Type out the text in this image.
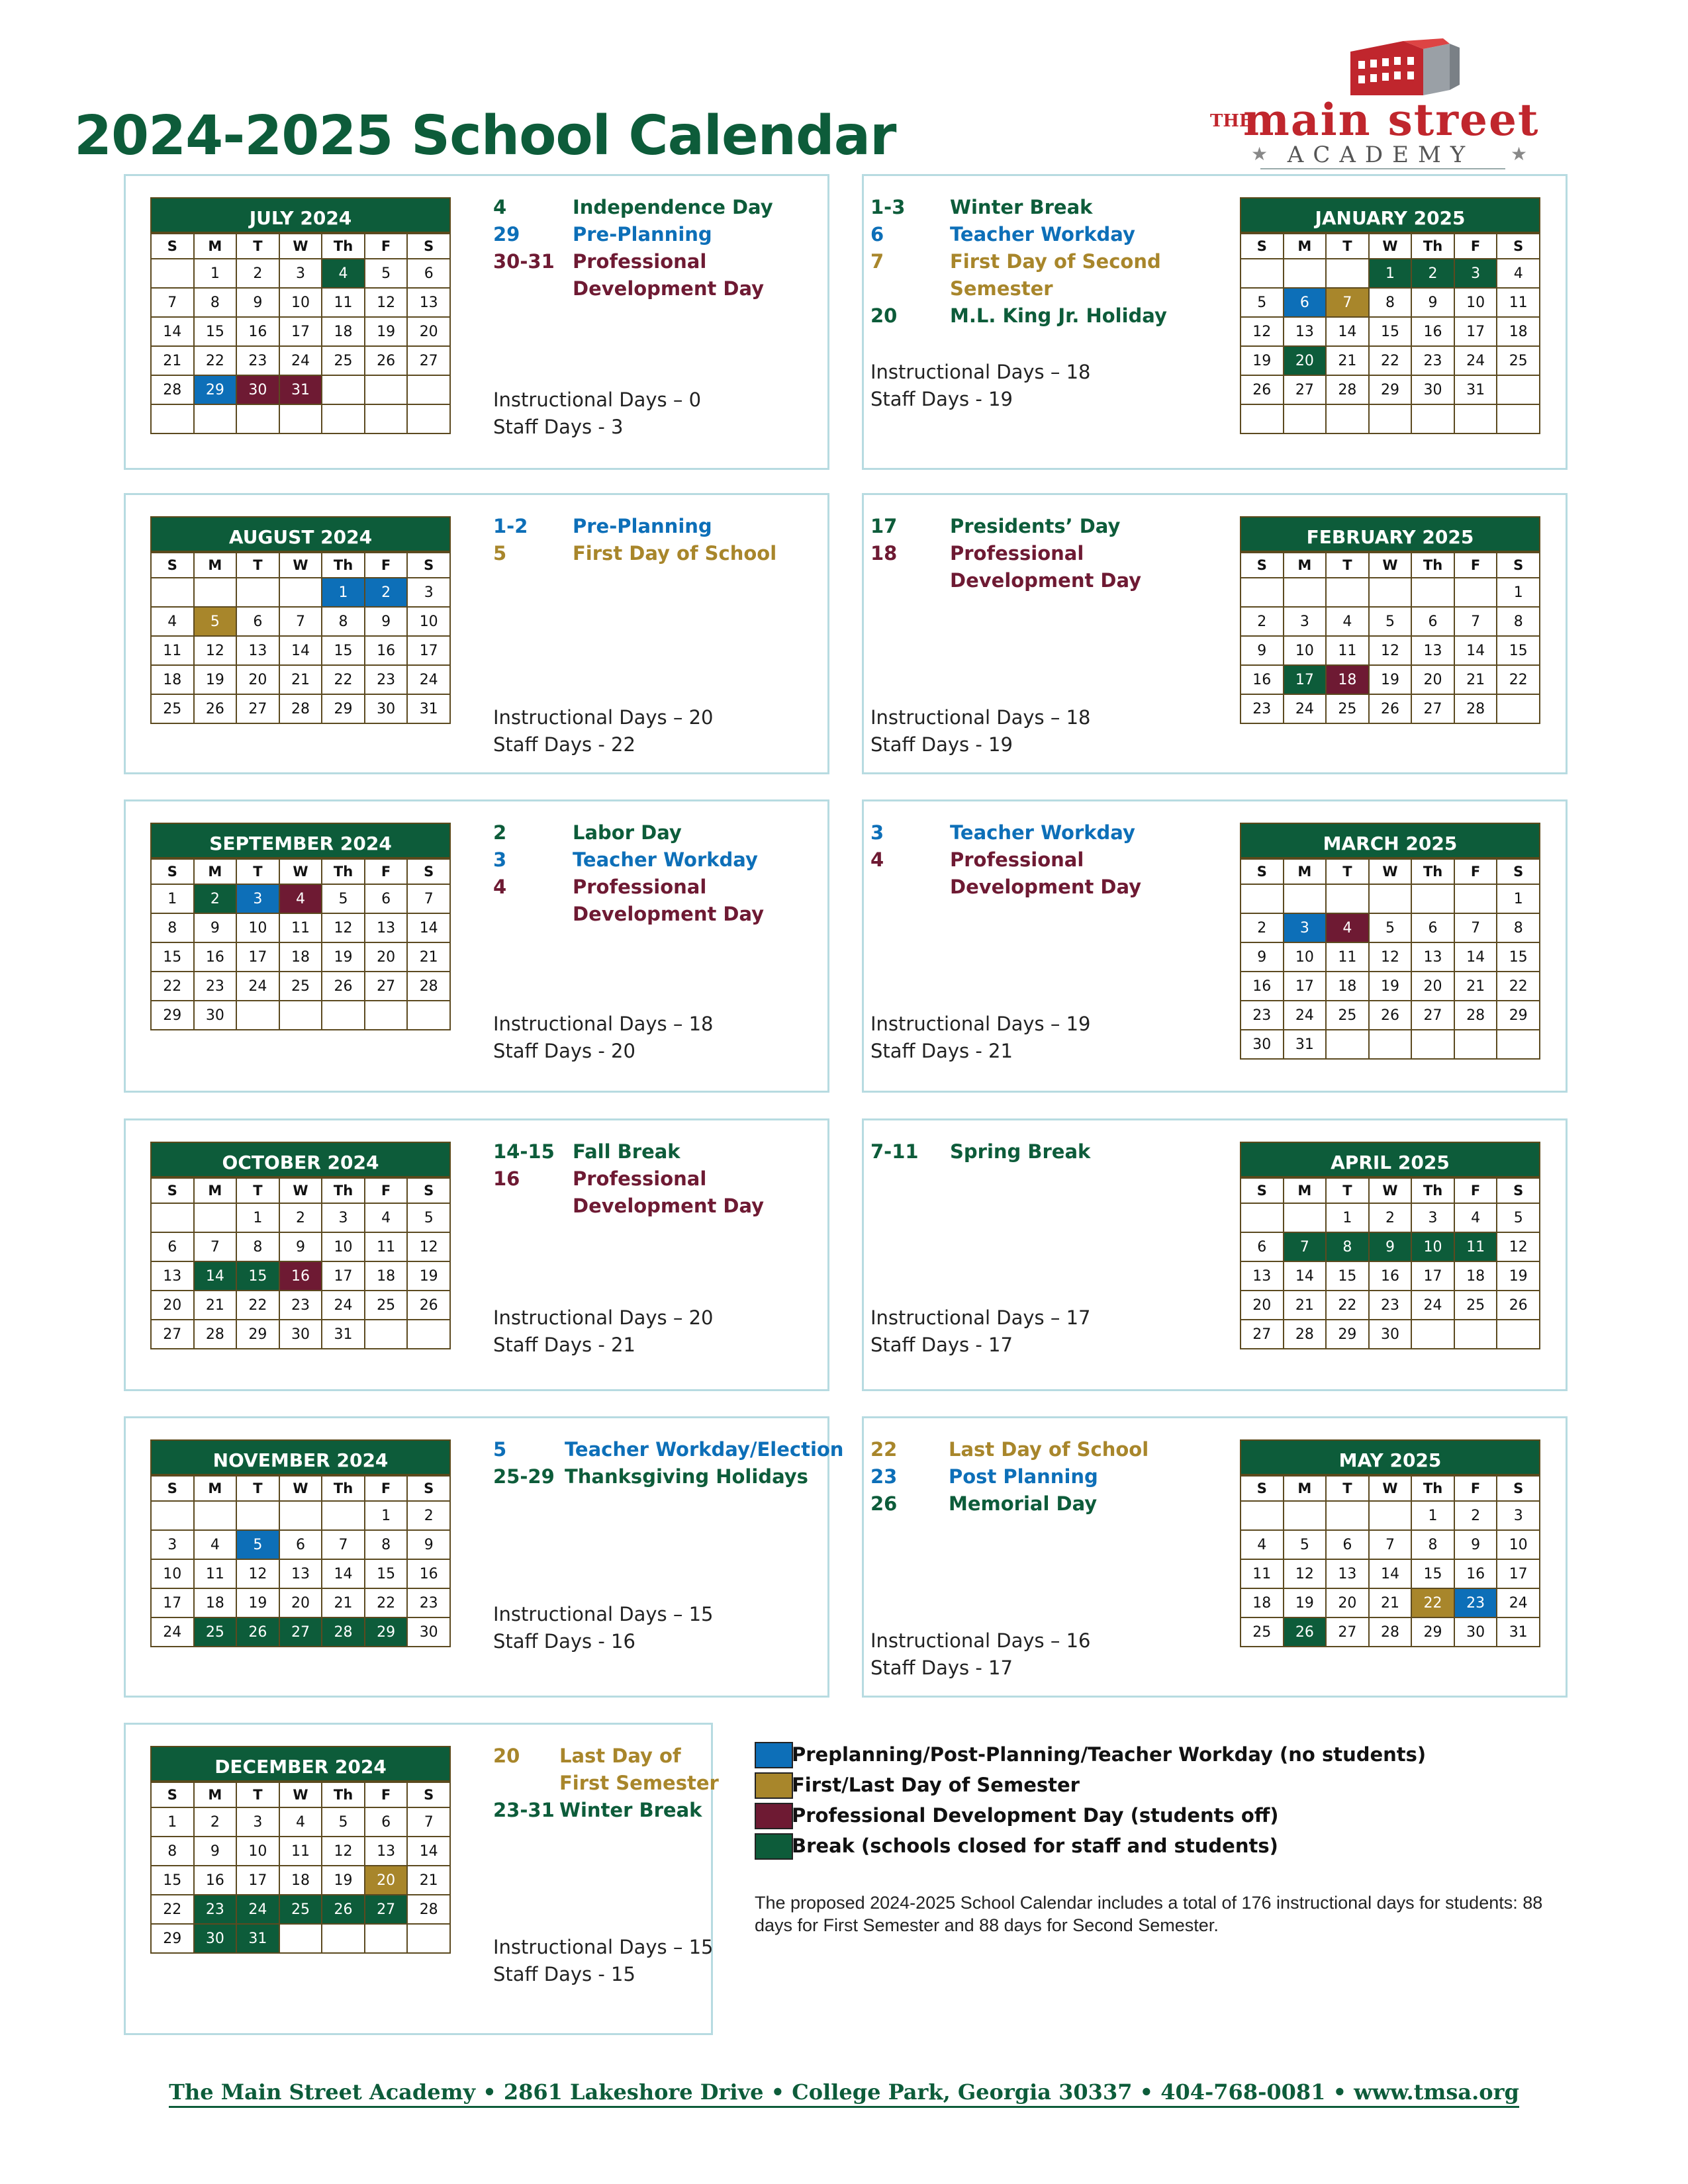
2024-2025 School Calendar	THE
main street
★ ACADEMY	★
JULY 2024
S	M	T	W	Th	F	S
	1	2	3	4	5	6
7	8	9	10	11	12	13
14	15	16	17	18	19	20
21	22	23	24	25	26	27
28	29	30	31			

4	Independence Day
29	Pre-Planning
30-31 Professional
Development Day
Instructional Days – 0
Staff Days - 3
AUGUST 2024
S	M	T	W	Th	F	S
				1	2	3
4	5	6	7	8	9	10
11	12	13	14	15	16	17
18	19	20	21	22	23	24
25	26	27	28	29	30	31
1-2 Pre-Planning
5	First Day of School
Instructional Days – 20
Staff Days - 22
SEPTEMBER 2024
S	M	T	W	Th	F	S
1	2	3	4	5	6	7
8	9	10	11	12	13	14
15	16	17	18	19	20	21
22	23	24	25	26	27	28
29	30					
2	Labor Day
3	Teacher Workday
4	Professional
Development Day
Instructional Days – 18
Staff Days - 20
OCTOBER 2024
S	M	T	W	Th	F	S
		1	2	3	4	5
6	7	8	9	10	11	12
13	14	15	16	17	18	19
20	21	22	23	24	25	26
27	28	29	30	31		
14-15 Fall Break
16	Professional
Development Day
Instructional Days – 20
Staff Days - 21
NOVEMBER 2024
S	M	T	W	Th	F	S
					1	2
3	4	5	6	7	8	9
10	11	12	13	14	15	16
17	18	19	20	21	22	23
24	25	26	27	28	29	30
5	Teacher Workday/Election
25-29 Thanksgiving Holidays
Instructional Days – 15
Staff Days - 16
DECEMBER 2024
S	M	T	W	Th	F	S
1	2	3	4	5	6	7
8	9	10	11	12	13	14
15	16	17	18	19	20	21
22	23	24	25	26	27	28
29	30	31				
20 Last Day of
First Semester
23-31 Winter Break
Instructional Days – 15
Staff Days - 15
1-3 Winter Break
6	Teacher Workday
7	First Day of Second
Semester
20	M.L. King Jr. Holiday
Instructional Days – 18
Staff Days - 19
JANUARY 2025
S	M	T	W	Th	F	S
			1	2	3	4
5	6	7	8	9	10	11
12	13	14	15	16	17	18
19	20	21	22	23	24	25
26	27	28	29	30	31	

17	Presidents’ Day
18	Professional
Development Day
Instructional Days – 18
Staff Days - 19
FEBRUARY 2025
S	M	T	W	Th	F	S
						1
2	3	4	5	6	7	8
9	10	11	12	13	14	15
16	17	18	19	20	21	22
23	24	25	26	27	28	
3	Teacher Workday
4	Professional
Development Day
Instructional Days – 19
Staff Days - 21
MARCH 2025
S	M	T	W	Th	F	S
						1
2	3	4	5	6	7	8
9	10	11	12	13	14	15
16	17	18	19	20	21	22
23	24	25	26	27	28	29
30	31					
7-11 Spring Break
Instructional Days – 17
Staff Days - 17
APRIL 2025
S	M	T	W	Th	F	S
		1	2	3	4	5
6	7	8	9	10	11	12
13	14	15	16	17	18	19
20	21	22	23	24	25	26
27	28	29	30			
22	Last Day of School
23	Post Planning
26	Memorial Day
Instructional Days – 16
Staff Days - 17
MAY 2025
S	M	T	W	Th	F	S
				1	2	3
4	5	6	7	8	9	10
11	12	13	14	15	16	17
18	19	20	21	22	23	24
25	26	27	28	29	30	31
Preplanning/Post-Planning/Teacher Workday (no students)
First/Last Day of Semester
Professional Development Day (students off)
Break (schools closed for staff and students)
The proposed 2024-2025 School Calendar includes a total of 176 instructional days for students: 88 days for First Semester and 88 days for Second Semester.
The Main Street Academy • 2861 Lakeshore Drive • College Park, Georgia 30337 • 404-768-0081 • www.tmsa.org
